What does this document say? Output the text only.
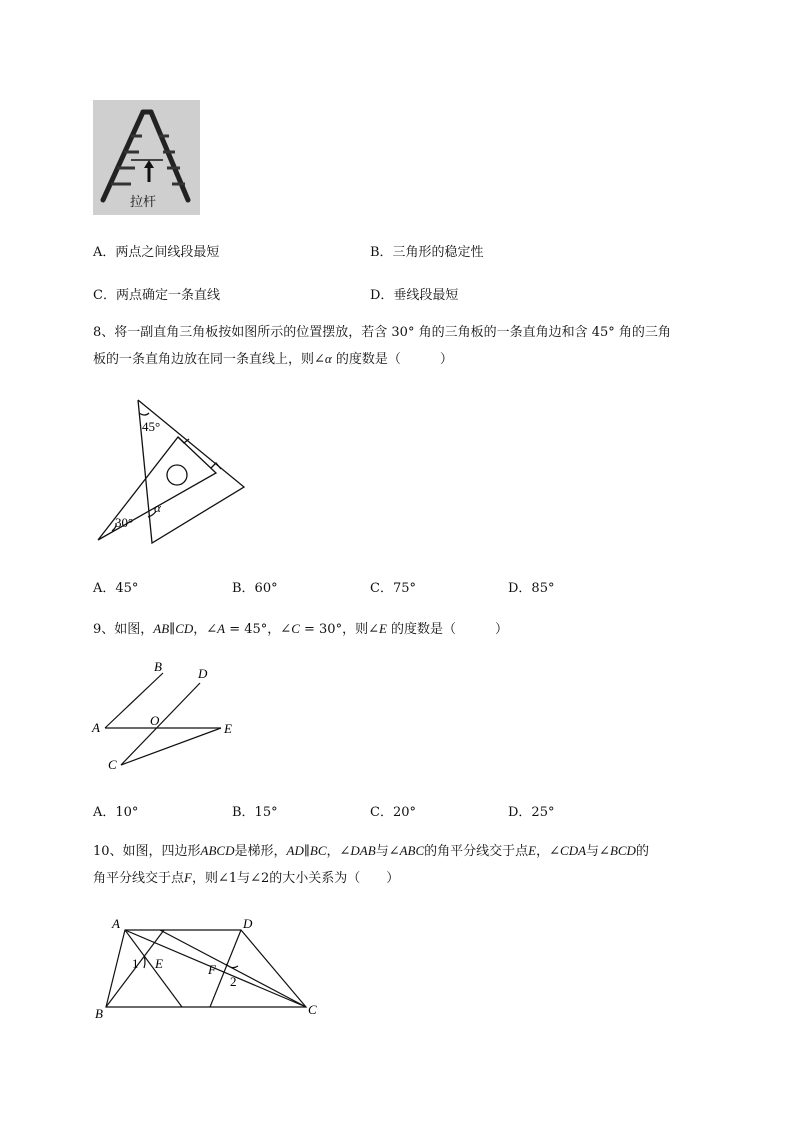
拉杆
A．两点之间线段最短	B．三角形的稳定性
C．两点确定一条直线	D．垂线段最短
8、将一副直角三角板按如图所示的位置摆放，若含 30° 角的三角板的一条直角边和含 45° 角的三角
板的一条直角边放在同一条直线上，则∠α 的度数是（　　　）
45°
30°
α
A．45°	B．60°	C．75°	D．85°
9、如图，AB∥CD，∠A = 45°，∠C = 30°，则∠E 的度数是（　　　）
B	D
A	O
E
C
A．10°	B．15°	C．20°	D．25°
10、如图，四边形ABCD是梯形，AD∥BC，∠DAB与∠ABC的角平分线交于点E，∠CDA与∠BCD的
角平分线交于点F，则∠1与∠2的大小关系为（　　）
A	D
B	C
E	F
1
2
